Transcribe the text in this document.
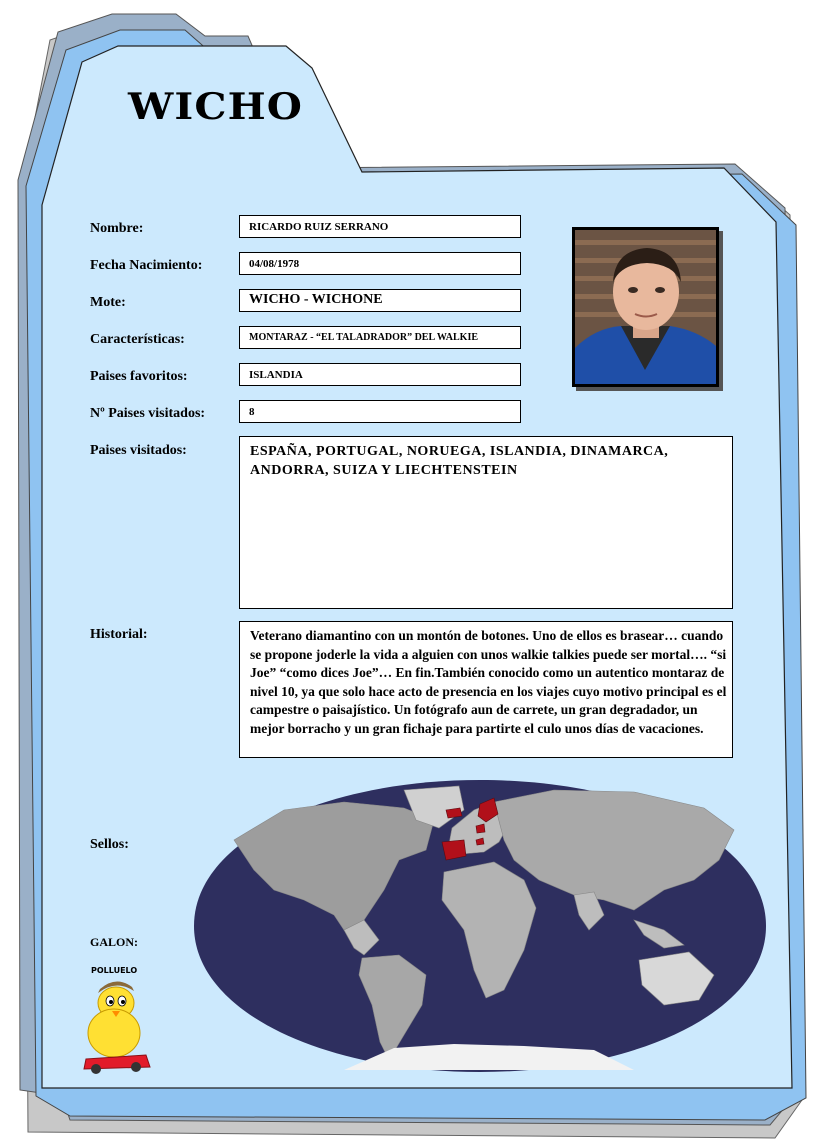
WICHO
Nombre:	RICARDO RUIZ SERRANO
Fecha Nacimiento:	04/08/1978
Mote:	WICHO - WICHONE
Características:	MONTARAZ - “EL TALADRADOR” DEL WALKIE
Paises favoritos:	ISLANDIA
Nº Paises visitados:	8
Paises visitados:	ESPAÑA, PORTUGAL, NORUEGA, ISLANDIA, DINAMARCA, ANDORRA, SUIZA Y LIECHTENSTEIN
Historial:	Veterano diamantino con un montón de botones. Uno de ellos es brasear… cuando se propone joderle la vida a alguien con unos walkie talkies puede ser mortal…. “si Joe” “como dices Joe”… En fin.También conocido como un autentico montaraz de nivel 10, ya que solo hace acto de presencia en los viajes cuyo motivo principal es el campestre o paisajístico. Un fotógrafo aun de carrete, un gran degradador, un mejor borracho y un gran fichaje para partirte el culo unos días de vacaciones.
Sellos:
GALON:
POLLUELO
